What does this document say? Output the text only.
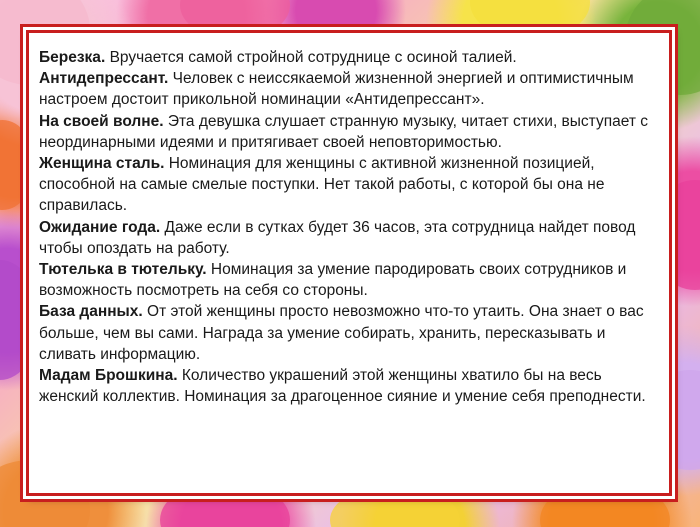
Березка. Вручается самой стройной сотруднице с осиной талией.

Антидепрессант. Человек с неиссякаемой жизненной энергией и оптимистичным настроем достоит прикольной номинации «Антидепрессант».

На своей волне. Эта девушка слушает странную музыку, читает стихи, выступает с неординарными идеями и притягивает своей неповторимостью.

Женщина сталь. Номинация для женщины с активной жизненной позицией, способной на самые смелые поступки. Нет такой работы, с которой бы она не справилась.

Ожидание года. Даже если в сутках будет 36 часов, эта сотрудница найдет повод чтобы опоздать на работу.

Тютелька в тютельку. Номинация за умение пародировать своих сотрудников и возможность посмотреть на себя со стороны.

База данных. От этой женщины просто невозможно что-то утаить. Она знает о вас больше, чем вы сами. Награда за умение собирать, хранить, пересказывать и сливать информацию.

Мадам Брошкина. Количество украшений этой женщины хватило бы на весь женский коллектив. Номинация за драгоценное сияние и умение себя преподнести.
